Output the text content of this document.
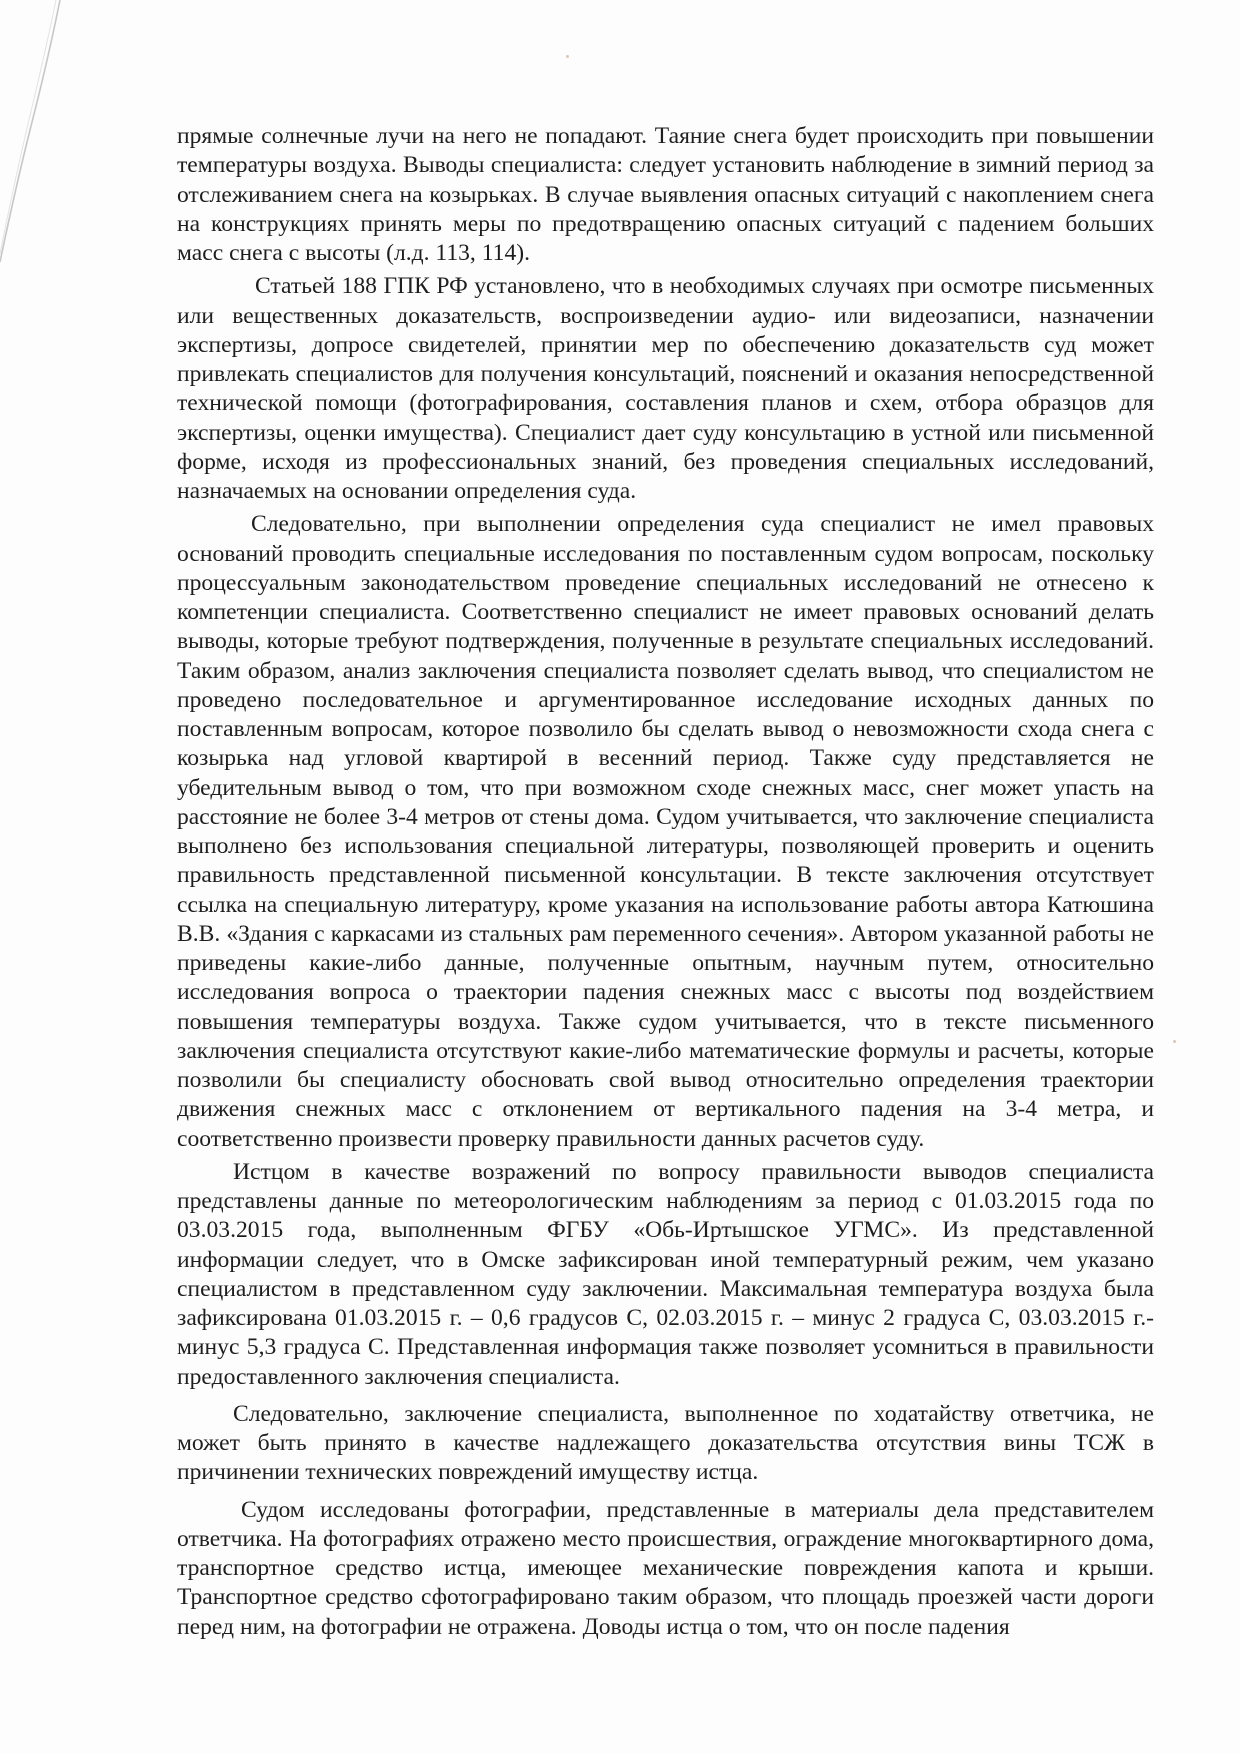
прямые солнечные лучи на него не попадают. Таяние снега будет происходить при повышении температуры воздуха. Выводы специалиста: следует установить наблюдение в зимний период за отслеживанием снега на козырьках. В случае выявления опасных ситуаций с накоплением снега на конструкциях принять меры по предотвращению опасных ситуаций с падением больших масс снега с высоты (л.д. 113, 114).

Статьей 188 ГПК РФ установлено, что в необходимых случаях при осмотре письменных или вещественных доказательств, воспроизведении аудио- или видеозаписи, назначении экспертизы, допросе свидетелей, принятии мер по обеспечению доказательств суд может привлекать специалистов для получения консультаций, пояснений и оказания непосредственной технической помощи (фотографирования, составления планов и схем, отбора образцов для экспертизы, оценки имущества). Специалист дает суду консультацию в устной или письменной форме, исходя из профессиональных знаний, без проведения специальных исследований, назначаемых на основании определения суда.

Следовательно, при выполнении определения суда специалист не имел правовых оснований проводить специальные исследования по поставленным судом вопросам, поскольку процессуальным законодательством проведение специальных исследований не отнесено к компетенции специалиста. Соответственно специалист не имеет правовых оснований делать выводы, которые требуют подтверждения, полученные в результате специальных исследований. Таким образом, анализ заключения специалиста позволяет сделать вывод, что специалистом не проведено последовательное и аргументированное исследование исходных данных по поставленным вопросам, которое позволило бы сделать вывод о невозможности схода снега с козырька над угловой квартирой в весенний период. Также суду представляется не убедительным вывод о том, что при возможном сходе снежных масс, снег может упасть на расстояние не более 3-4 метров от стены дома. Судом учитывается, что заключение специалиста выполнено без использования специальной литературы, позволяющей проверить и оценить правильность представленной письменной консультации. В тексте заключения отсутствует ссылка на специальную литературу, кроме указания на использование работы автора Катюшина В.В. «Здания с каркасами из стальных рам переменного сечения». Автором указанной работы не приведены какие-либо данные, полученные опытным, научным путем, относительно исследования вопроса о траектории падения снежных масс с высоты под воздействием повышения температуры воздуха. Также судом учитывается, что в тексте письменного заключения специалиста отсутствуют какие-либо математические формулы и расчеты, которые позволили бы специалисту обосновать свой вывод относительно определения траектории движения снежных масс с отклонением от вертикального падения на 3-4 метра, и соответственно произвести проверку правильности данных расчетов суду.

Истцом в качестве возражений по вопросу правильности выводов специалиста представлены данные по метеорологическим наблюдениям за период с 01.03.2015 года по 03.03.2015 года, выполненным ФГБУ «Обь-Иртышское УГМС». Из представленной информации следует, что в Омске зафиксирован иной температурный режим, чем указано специалистом в представленном суду заключении. Максимальная температура воздуха была зафиксирована 01.03.2015 г. – 0,6 градусов С, 02.03.2015 г. – минус 2 градуса С, 03.03.2015 г.- минус 5,3 градуса С. Представленная информация также позволяет усомниться в правильности предоставленного заключения специалиста.

Следовательно, заключение специалиста, выполненное по ходатайству ответчика, не может быть принято в качестве надлежащего доказательства отсутствия вины ТСЖ в причинении технических повреждений имуществу истца.

Судом исследованы фотографии, представленные в материалы дела представителем ответчика. На фотографиях отражено место происшествия, ограждение многоквартирного дома, транспортное средство истца, имеющее механические повреждения капота и крыши. Транспортное средство сфотографировано таким образом, что площадь проезжей части дороги перед ним, на фотографии не отражена. Доводы истца о том, что он после падения
